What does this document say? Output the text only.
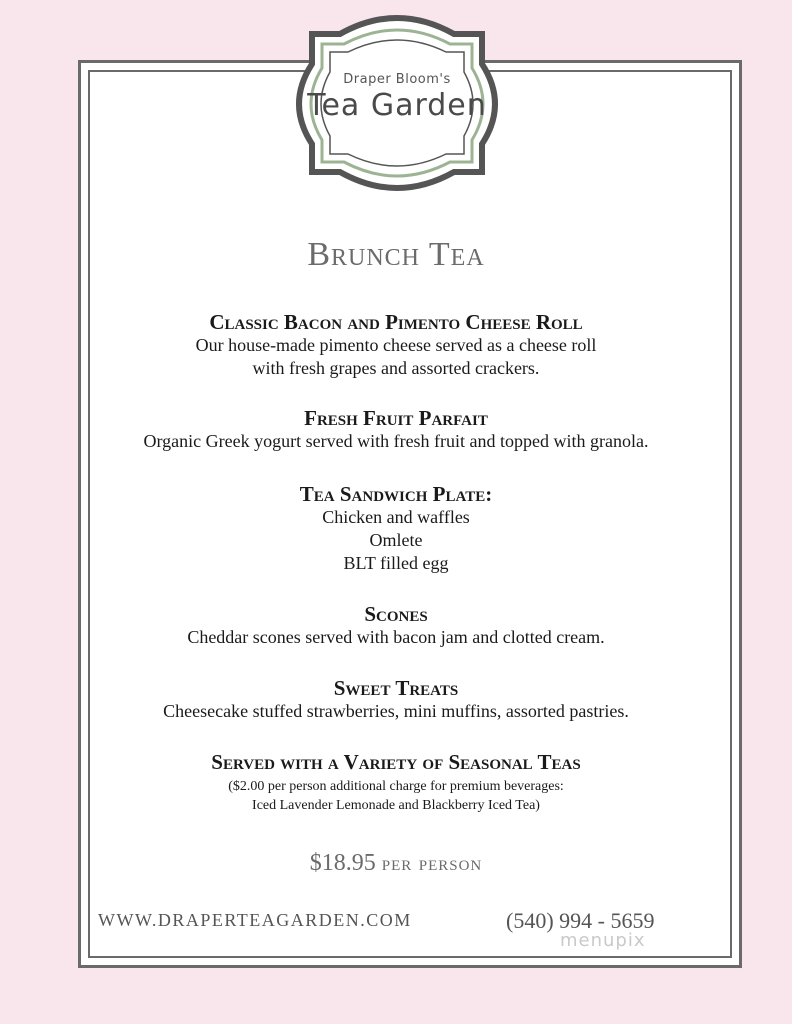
Draper Bloom's
Tea Garden
Brunch Tea
Classic Bacon and Pimento Cheese Roll
Our house-made pimento cheese served as a cheese roll
with fresh grapes and assorted crackers.
Fresh Fruit Parfait
Organic Greek yogurt served with fresh fruit and topped with granola.
Tea Sandwich Plate:
Chicken and waffles
Omlete
BLT filled egg
Scones
Cheddar scones served with bacon jam and clotted cream.
Sweet Treats
Cheesecake stuffed strawberries, mini muffins, assorted pastries.
Served with a Variety of Seasonal Teas
($2.00 per person additional charge for premium beverages:
Iced Lavender Lemonade and Blackberry Iced Tea)
$18.95 per person
WWW.DRAPERTEAGARDEN.COM	(540) 994 - 5659
menupix
